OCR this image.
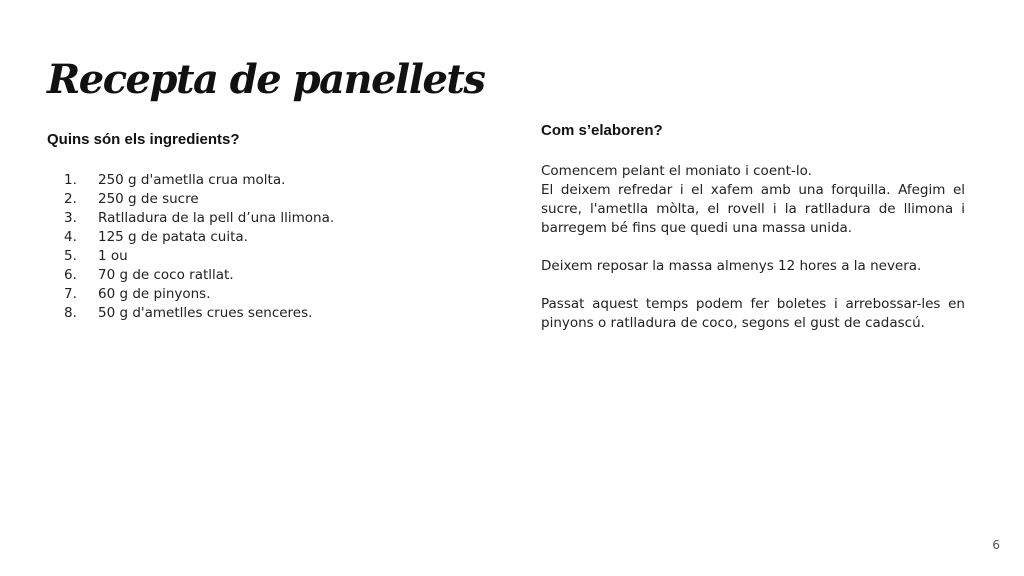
Recepta de panellets
Quins són els ingredients?
1.	250 g d'ametlla crua molta.
2.	250 g de sucre
3.	Ratlladura de la pell d’una llimona.
4.	125 g de patata cuita.
5.	1 ou
6.	70 g de coco ratllat.
7.	60 g de pinyons.
8.	50 g d'ametlles crues senceres.
Com s’elaboren?

Comencem pelant el moniato i coent-lo.

El deixem refredar i el xafem amb una forquilla. Afegim el sucre, l'ametlla mòlta, el rovell i la ratlladura de llimona i barregem bé fins que quedi una massa unida.

Deixem reposar la massa almenys 12 hores a la nevera.

Passat aquest temps podem fer boletes i arrebossar-les en pinyons o ratlladura de coco, segons el gust de cadascú.

6
